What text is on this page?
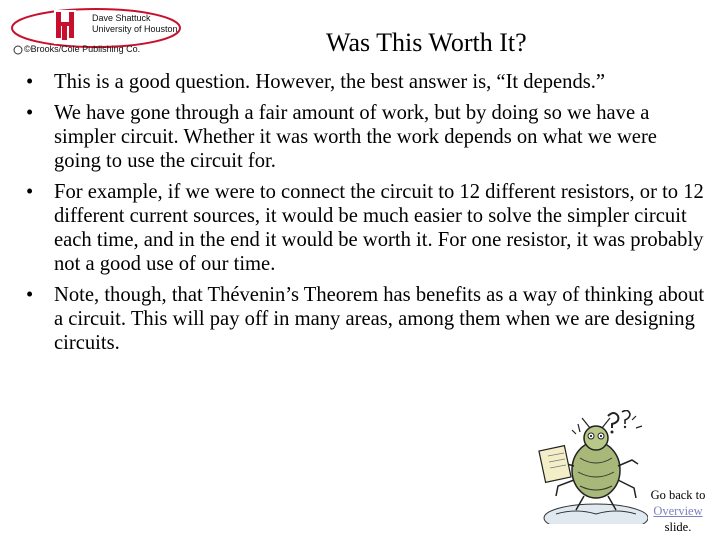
Dave Shattuck
University of Houston
©Brooks/Cole Publishing Co.	Was This Worth It?
• This is a good question. However, the best answer is, “It depends.”
• We have gone through a fair amount of work, but by doing so we have a simpler circuit. Whether it was worth the work depends on what we were going to use the circuit for.
• For example, if we were to connect the circuit to 12 different resistors, or to 12 different current sources, it would be much easier to solve the simpler circuit each time, and in the end it would be worth it. For one resistor, it was probably not a good use of our time.
• Note, though, that Thévenin’s Theorem has benefits as a way of thinking about a circuit. This will pay off in many areas, among them when we are designing circuits.
Go back to
Overview
slide.
